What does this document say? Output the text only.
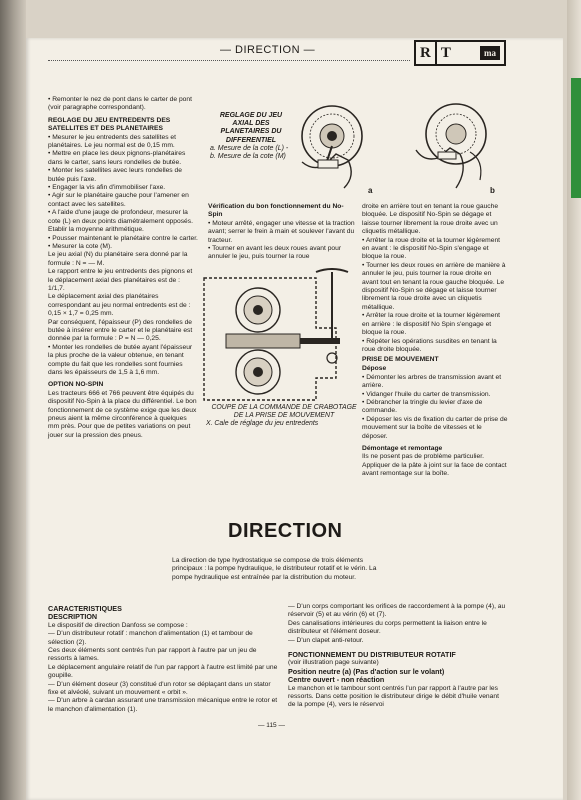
— DIRECTION —	R T	ma

• Remonter le nez de pont dans le carter de pont (voir paragraphe correspondant).

REGLAGE DU JEU ENTREDENTS DES SATELLITES ET DES PLANETAIRES

• Mesurer le jeu entredents des satellites et planétaires. Le jeu normal est de 0,15 mm.

• Mettre en place les deux pignons-planétaires dans le carter, sans leurs rondelles de butée.

• Monter les satellites avec leurs rondelles de butée puis l'axe.

• Engager la vis afin d'immobiliser l'axe.

• Agir sur le planétaire gauche pour l'amener en contact avec les satellites.

• A l'aide d'une jauge de profondeur, mesurer la cote (L) en deux points diamétralement opposés. Etablir la moyenne arithmétique.

• Pousser maintenant le planétaire contre le carter.

• Mesurer la cote (M).

Le jeu axial (N) du planétaire sera donné par la formule : N = — M.

Le rapport entre le jeu entredents des pignons et le déplacement axial des planétaires est de : 1/1,7.

Le déplacement axial des planétaires correspondant au jeu normal entredents est de : 0,15 × 1,7 = 0,25 mm.

Par conséquent, l'épaisseur (P) des rondelles de butée à insérer entre le carter et le planétaire est donnée par la formule : P = N — 0,25.

• Monter les rondelles de butée ayant l'épaisseur la plus proche de la valeur obtenue, en tenant compte du fait que les rondelles sont fournies dans les épaisseurs de 1,5 à 1,6 mm.

OPTION NO-SPIN

Les tracteurs 666 et 766 peuvent être équipés du dispositif No-Spin à la place du différentiel. Le bon fonctionnement de ce système exige que les deux pneus aient la même circonférence à quelques mm près. Pour que de petites variations on peut jouer sur la pression des pneus.

REGLAGE DU JEU AXIAL DES PLANETAIRES DU DIFFERENTIEL
a. Mesure de la cote (L) - b. Mesure de la cote (M)
a	b

Vérification du bon fonctionnement du No-Spin

• Moteur arrêté, engager une vitesse et la traction avant; serrer le frein à main et soulever l'avant du tracteur.

• Tourner en avant les deux roues avant pour annuler le jeu, puis tourner la roue

COUPE DE LA COMMANDE DE CRABOTAGE DE LA PRISE DE MOUVEMENT
X. Cale de réglage du jeu entredents

droite en arrière tout en tenant la roue gauche bloquée. Le dispositif No-Spin se dégage et laisse tourner librement la roue droite avec un cliquetis métallique.

• Arrêter la roue droite et la tourner légèrement en avant : le dispositif No-Spin s'engage et bloque la roue.

• Tourner les deux roues en arrière de manière à annuler le jeu, puis tourner la roue droite en avant tout en tenant la roue gauche bloquée. Le dispositif No-Spin se dégage et laisse tourner librement la roue droite avec un cliquetis métallique.

• Arrêter la roue droite et la tourner légèrement en arrière : le dispositif No Spin s'engage et bloque la roue.

• Répéter les opérations susdites en tenant la roue droite bloquée.

PRISE DE MOUVEMENT

Dépose

• Démonter les arbres de transmission avant et arrière.

• Vidanger l'huile du carter de transmission.

• Débrancher la tringle du levier d'axe de commande.

• Déposer les vis de fixation du carter de prise de mouvement sur la boîte de vitesses et le déposer.

Démontage et remontage

Ils ne posent pas de problème particulier. Appliquer de la pâte à joint sur la face de contact avant remontage sur la boîte.

DIRECTION
La direction de type hydrostatique se compose de trois éléments principaux : la pompe hydraulique, le distributeur rotatif et le vérin. La pompe hydraulique est entraînée par la distribution du moteur.

CARACTERISTIQUES

DESCRIPTION

Le dispositif de direction Danfoss se compose :

— D'un distributeur rotatif : manchon d'alimentation (1) et tambour de sélection (2).

Ces deux éléments sont centrés l'un par rapport à l'autre par un jeu de ressorts à lames.

Le déplacement angulaire relatif de l'un par rapport à l'autre est limité par une goupille.

— D'un élément doseur (3) constitué d'un rotor se déplaçant dans un stator fixe et alvéolé, suivant un mouvement « orbit ».

— D'un arbre à cardan assurant une transmission mécanique entre le rotor et le manchon d'alimentation (1).

— D'un corps comportant les orifices de raccordement à la pompe (4), au réservoir (5) et au vérin (6) et (7).

Des canalisations intérieures du corps permettent la liaison entre le distributeur et l'élément doseur.

— D'un clapet anti-retour.

FONCTIONNEMENT DU DISTRIBUTEUR ROTATIF

(voir illustration page suivante)

Position neutre (a) (Pas d'action sur le volant)

Centre ouvert - non réaction

Le manchon et le tambour sont centrés l'un par rapport à l'autre par les ressorts. Dans cette position le distributeur dirige le débit d'huile venant de la pompe (4), vers le réservoi

— 115 —
